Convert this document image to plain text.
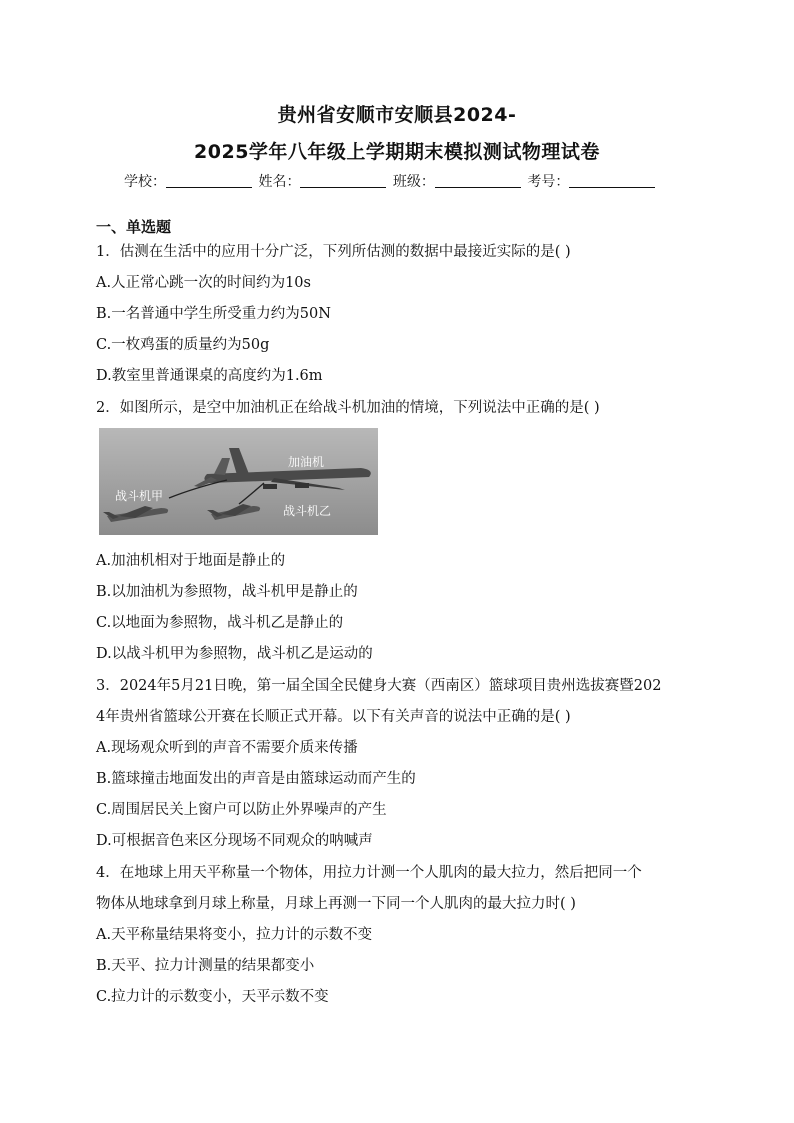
贵州省安顺市安顺县2024-
2025学年八年级上学期期末模拟测试物理试卷
学校：	姓名：	班级：	考号：
一、单选题
1．估测在生活中的应用十分广泛，下列所估测的数据中最接近实际的是( )
A.人正常心跳一次的时间约为10s
B.一名普通中学生所受重力约为50N
C.一枚鸡蛋的质量约为50g
D.教室里普通课桌的高度约为1.6m
2．如图所示，是空中加油机正在给战斗机加油的情境，下列说法中正确的是( )
加油机
战斗机甲
战斗机乙
A.加油机相对于地面是静止的
B.以加油机为参照物，战斗机甲是静止的
C.以地面为参照物，战斗机乙是静止的
D.以战斗机甲为参照物，战斗机乙是运动的
3．2024年5月21日晚，第一届全国全民健身大赛（西南区）篮球项目贵州选拔赛暨202
4年贵州省篮球公开赛在长顺正式开幕。以下有关声音的说法中正确的是( )
A.现场观众听到的声音不需要介质来传播
B.篮球撞击地面发出的声音是由篮球运动而产生的
C.周围居民关上窗户可以防止外界噪声的产生
D.可根据音色来区分现场不同观众的呐喊声
4．在地球上用天平称量一个物体，用拉力计测一个人肌肉的最大拉力，然后把同一个
物体从地球拿到月球上称量，月球上再测一下同一个人肌肉的最大拉力时( )
A.天平称量结果将变小，拉力计的示数不变
B.天平、拉力计测量的结果都变小
C.拉力计的示数变小，天平示数不变
